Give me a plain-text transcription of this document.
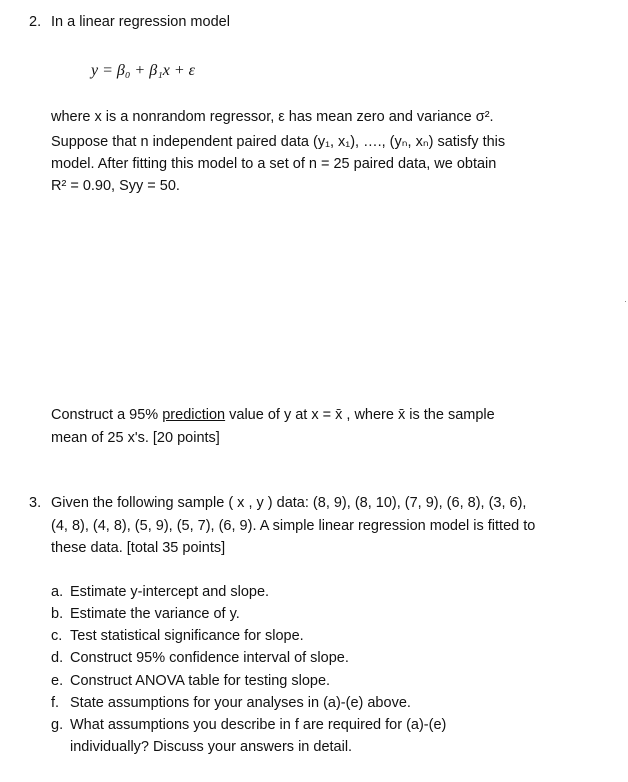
2. In a linear regression model
y = β₀ + β₁x + ε
where x is a nonrandom regressor, ε has mean zero and variance σ².
Suppose that n independent paired data (y₁, x₁), …., (yₙ, xₙ) satisfy this
model. After fitting this model to a set of n = 25 paired data, we obtain
R² = 0.90, Syy = 50.
Construct a 95% prediction value of y at x = x̄ , where x̄ is the sample
mean of 25 x's. [20 points]
3. Given the following sample ( x , y ) data: (8, 9), (8, 10), (7, 9), (6, 8), (3, 6),
(4, 8), (4, 8), (5, 9), (5, 7), (6, 9). A simple linear regression model is fitted to
these data. [total 35 points]
a. Estimate y-intercept and slope.
b. Estimate the variance of y.
c. Test statistical significance for slope.
d. Construct 95% confidence interval of slope.
e. Construct ANOVA table for testing slope.
f. State assumptions for your analyses in (a)-(e) above.
g. What assumptions you describe in f are required for (a)-(e)
individually? Discuss your answers in detail.
